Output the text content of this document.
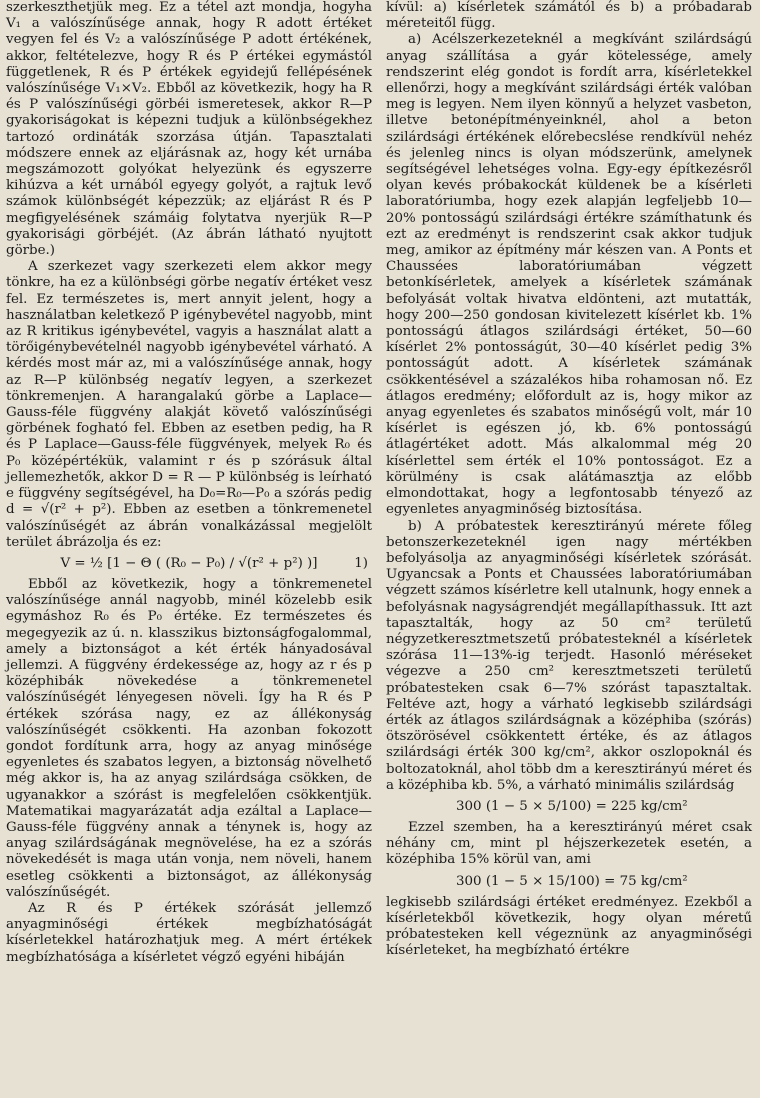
szerkeszthetjük meg. Ez a tétel azt mondja, hogyha V₁ a valószínűsége annak, hogy R adott értéket vegyen fel és V₂ a valószínűsége P adott értékének, akkor, feltételezve, hogy R és P értékei egymástól függetlenek, R és P értékek egyidejű fellépésének valószínűsége V₁×V₂. Ebből az következik, hogy ha R és P valószínűségi görbéi ismeretesek, akkor R—P gyakoriságokat is képezni tudjuk a különbségekhez tartozó ordináták szorzása útján. Tapasztalati módszere ennek az eljárásnak az, hogy két urnába megszámozott golyókat helyezünk és egyszerre kihúzva a két urnából egyegy golyót, a rajtuk levő számok különbségét képezzük; az eljárást R és P megfigyelésének számáig folytatva nyerjük R—P gyakorisági görbéjét. (Az ábrán látható nyujtott görbe.)

A szerkezet vagy szerkezeti elem akkor megy tönkre, ha ez a különbségi görbe negatív értéket vesz fel. Ez természetes is, mert annyit jelent, hogy a használatban keletkező P igénybevétel nagyobb, mint az R kritikus igénybevétel, vagyis a használat alatt a törőigénybevételnél nagyobb igénybevétel várható. A kérdés most már az, mi a valószínűsége annak, hogy az R—P különbség negatív legyen, a szerkezet tönkremenjen. A harangalakú görbe a Laplace—Gauss-féle függvény alakját követő valószínűségi görbének fogható fel. Ebben az esetben pedig, ha R és P Laplace—Gauss-féle függvények, melyek R₀ és P₀ középértékük, valamint r és p szórásuk által jellemezhetők, akkor D = R — P különbség is leírható e függvény segítségével, ha D₀=R₀—P₀ a szórás pedig d = √(r² + p²). Ebben az esetben a tönkremenetel valószínűségét az ábrán vonalkázással megjelölt terület ábrázolja és ez:

V = ½ [1 − Θ ( (R₀ − P₀) / √(r² + p²) )]	1)

Ebből az következik, hogy a tönkremenetel valószínűsége annál nagyobb, minél közelebb esik egymáshoz R₀ és P₀ értéke. Ez természetes és megegyezik az ú. n. klasszikus biztonságfogalommal, amely a biztonságot a két érték hányadosával jellemzi. A függvény érdekessége az, hogy az r és p középhibák növekedése a tönkremenetel valószínűségét lényegesen növeli. Így ha R és P értékek szórása nagy, ez az állékonyság valószínűségét csökkenti. Ha azonban fokozott gondot fordítunk arra, hogy az anyag minősége egyenletes és szabatos legyen, a biztonság növelhető még akkor is, ha az anyag szilárdsága csökken, de ugyanakkor a szórást is megfelelően csökkentjük. Matematikai magyarázatát adja ezáltal a Laplace—Gauss-féle függvény annak a ténynek is, hogy az anyag szilárdságának megnövelése, ha ez a szórás növekedését is maga után vonja, nem növeli, hanem esetleg csökkenti a biztonságot, az állékonyság valószínűségét.

Az R és P értékek szórását jellemző anyagminőségi értékek megbízhatóságát kísérletekkel határozhatjuk meg. A mért értékek megbízhatósága a kísérletet végző egyéni hibáján

kívül: a) kísérletek számától és b) a próbadarab méreteitől függ.

a) Acélszerkezeteknél a megkívánt szilárdságú anyag szállítása a gyár kötelessége, amely rendszerint elég gondot is fordít arra, kísérletekkel ellenőrzi, hogy a megkívánt szilárdsági érték valóban meg is legyen. Nem ilyen könnyű a helyzet vasbeton, illetve betonépítményeinknél, ahol a beton szilárdsági értékének előrebecslése rendkívül nehéz és jelenleg nincs is olyan módszerünk, amelynek segítségével lehetséges volna. Egy-egy építkezésről olyan kevés próbakockát küldenek be a kísérleti laboratóriumba, hogy ezek alapján legfeljebb 10—20% pontosságú szilárdsági értékre számíthatunk és ezt az eredményt is rendszerint csak akkor tudjuk meg, amikor az építmény már készen van. A Ponts et Chaussées laboratóriumában végzett betonkísérletek, amelyek a kísérletek számának befolyását voltak hivatva eldönteni, azt mutatták, hogy 200—250 gondosan kivitelezett kísérlet kb. 1% pontosságú átlagos szilárdsági értéket, 50—60 kísérlet 2% pontosságút, 30—40 kísérlet pedig 3% pontosságút adott. A kísérletek számának csökkentésével a százalékos hiba rohamosan nő. Ez átlagos eredmény; előfordult az is, hogy mikor az anyag egyenletes és szabatos minőségű volt, már 10 kísérlet is egészen jó, kb. 6% pontosságú átlagértéket adott. Más alkalommal még 20 kísérlettel sem érték el 10% pontosságot. Ez a körülmény is csak alátámasztja az előbb elmondottakat, hogy a legfontosabb tényező az egyenletes anyagminőség biztosítása.

b) A próbatestek keresztirányú mérete főleg betonszerkezeteknél igen nagy mértékben befolyásolja az anyagminőségi kísérletek szórását. Ugyancsak a Ponts et Chaussées laboratóriumában végzett számos kísérletre kell utalnunk, hogy ennek a befolyásnak nagyságrendjét megállapíthassuk. Itt azt tapasztalták, hogy az 50 cm² területű négyzetkeresztmetszetű próbatesteknél a kísérletek szórása 11—13%-ig terjedt. Hasonló méréseket végezve a 250 cm² keresztmetszeti területű próbatesteken csak 6—7% szórást tapasztaltak. Feltéve azt, hogy a várható legkisebb szilárdsági érték az átlagos szilárdságnak a középhiba (szórás) ötszörösével csökkentett értéke, és az átlagos szilárdsági érték 300 kg/cm², akkor oszlopoknál és boltozatoknál, ahol több dm a keresztirányú méret és a középhiba kb. 5%, a várható minimális szilárdság

300 (1 − 5 × 5/100) = 225 kg/cm²

Ezzel szemben, ha a keresztirányú méret csak néhány cm, mint pl héjszerkezetek esetén, a középhiba 15% körül van, ami

300 (1 − 5 × 15/100) = 75 kg/cm²

legkisebb szilárdsági értéket eredményez. Ezekből a kísérletekből következik, hogy olyan méretű próbatesteken kell végeznünk az anyagminőségi kísérleteket, ha megbízható értékre
